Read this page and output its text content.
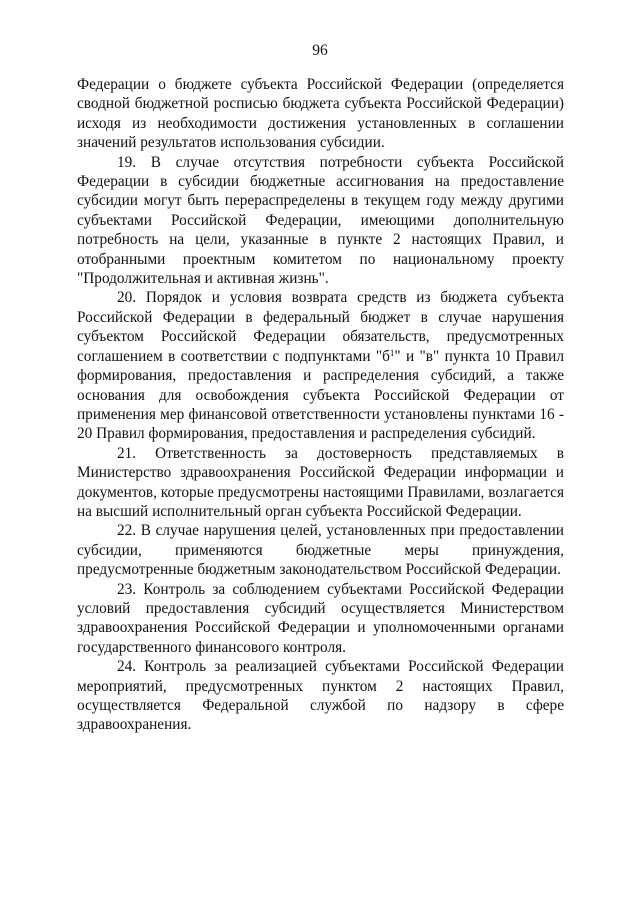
96

Федерации о бюджете субъекта Российской Федерации (определяется сводной бюджетной росписью бюджета субъекта Российской Федерации) исходя из необходимости достижения установленных в соглашении значений результатов использования субсидии.

19. В случае отсутствия потребности субъекта Российской Федерации в субсидии бюджетные ассигнования на предоставление субсидии могут быть перераспределены в текущем году между другими субъектами Российской Федерации, имеющими дополнительную потребность на цели, указанные в пункте 2 настоящих Правил, и отобранными проектным комитетом по национальному проекту "Продолжительная и активная жизнь".

20. Порядок и условия возврата средств из бюджета субъекта Российской Федерации в федеральный бюджет в случае нарушения субъектом Российской Федерации обязательств, предусмотренных соглашением в соответствии с подпунктами "$б^1$" и "в" пункта 10 Правил формирования, предоставления и распределения субсидий, а также основания для освобождения субъекта Российской Федерации от применения мер финансовой ответственности установлены пунктами 16 - 20 Правил формирования, предоставления и распределения субсидий.

21. Ответственность за достоверность представляемых в Министерство здравоохранения Российской Федерации информации и документов, которые предусмотрены настоящими Правилами, возлагается на высший исполнительный орган субъекта Российской Федерации.

22. В случае нарушения целей, установленных при предоставлении субсидии, применяются бюджетные меры принуждения, предусмотренные бюджетным законодательством Российской Федерации.

23. Контроль за соблюдением субъектами Российской Федерации условий предоставления субсидий осуществляется Министерством здравоохранения Российской Федерации и уполномоченными органами государственного финансового контроля.

24. Контроль за реализацией субъектами Российской Федерации мероприятий, предусмотренных пунктом 2 настоящих Правил, осуществляется Федеральной службой по надзору в сфере здравоохранения.
